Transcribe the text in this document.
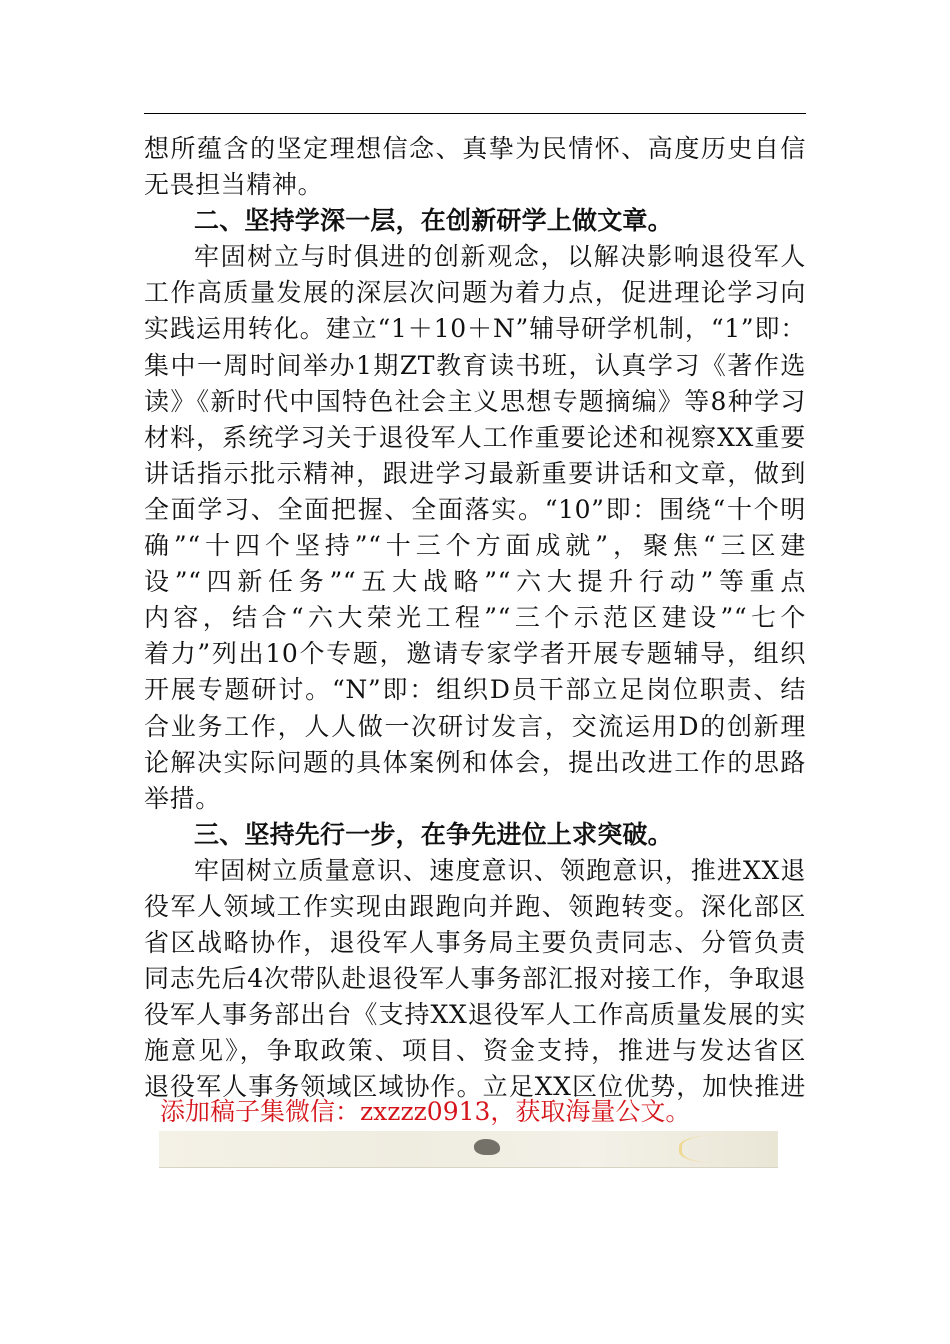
想所蕴含的坚定理想信念、真挚为民情怀、高度历史自信
无畏担当精神。
二、坚持学深一层，在创新研学上做文章。
牢固树立与时俱进的创新观念，以解决影响退役军人
工作高质量发展的深层次问题为着力点，促进理论学习向
实践运用转化。建立“1＋10＋N”辅导研学机制，“1”即：
集中一周时间举办1期ZT教育读书班，认真学习《著作选
读》《新时代中国特色社会主义思想专题摘编》等8种学习
材料，系统学习关于退役军人工作重要论述和视察XX重要
讲话指示批示精神，跟进学习最新重要讲话和文章，做到
全面学习、全面把握、全面落实。“10”即：围绕“十个明
确”“十四个坚持”“十三个方面成就”，聚焦“三区建
设”“四新任务”“五大战略”“六大提升行动”等重点
内容，结合“六大荣光工程”“三个示范区建设”“七个
着力”列出10个专题，邀请专家学者开展专题辅导，组织
开展专题研讨。“N”即：组织D员干部立足岗位职责、结
合业务工作，人人做一次研讨发言，交流运用D的创新理
论解决实际问题的具体案例和体会，提出改进工作的思路
举措。
三、坚持先行一步，在争先进位上求突破。
牢固树立质量意识、速度意识、领跑意识，推进XX退
役军人领域工作实现由跟跑向并跑、领跑转变。深化部区
省区战略协作，退役军人事务局主要负责同志、分管负责
同志先后4次带队赴退役军人事务部汇报对接工作，争取退
役军人事务部出台《支持XX退役军人工作高质量发展的实
施意见》，争取政策、项目、资金支持，推进与发达省区
退役军人事务领域区域协作。立足XX区位优势，加快推进
添加稿子集微信：zxzzz0913，获取海量公文。
